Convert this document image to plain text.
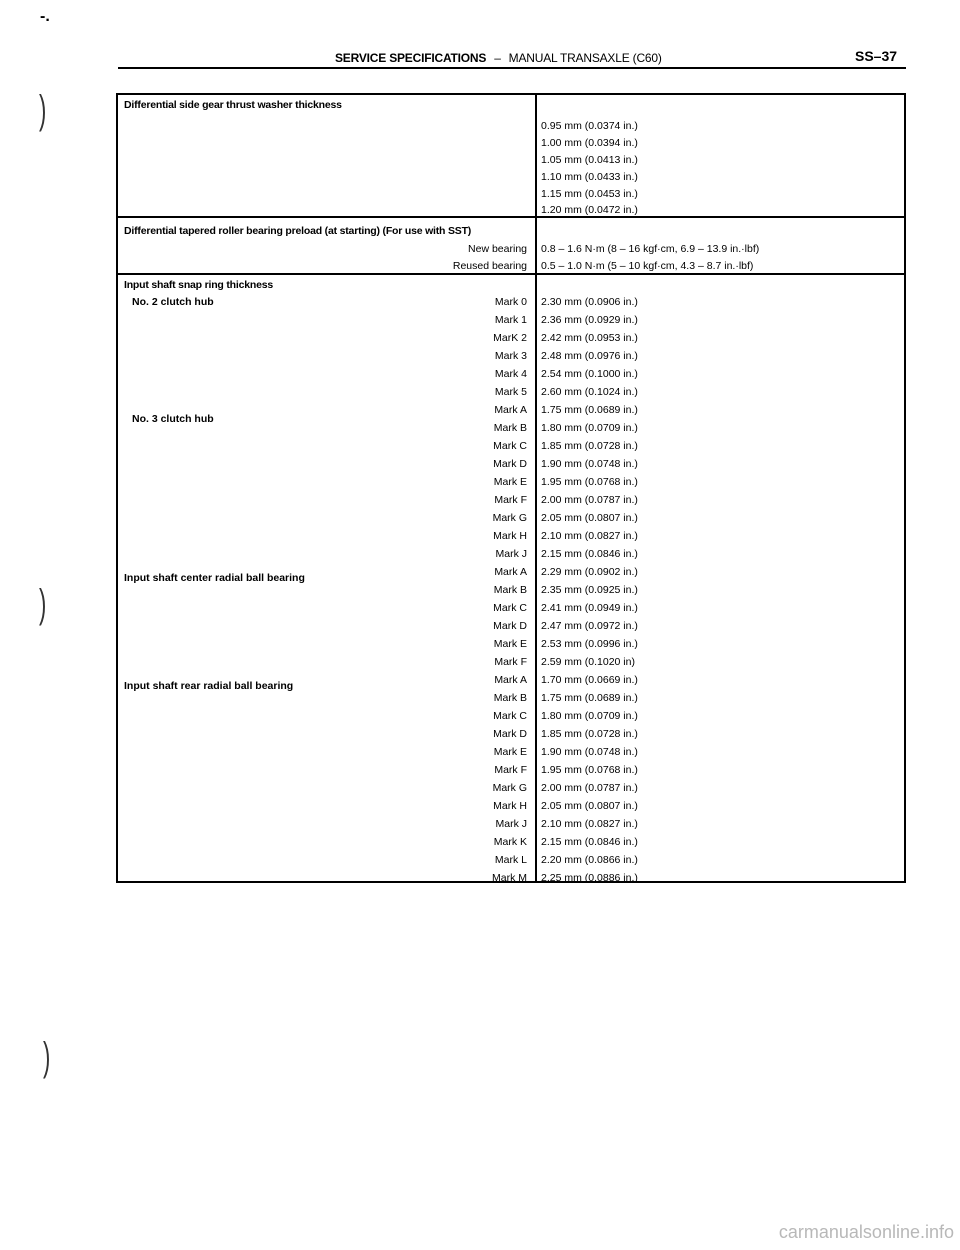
-.
SERVICE SPECIFICATIONS – MANUAL TRANSAXLE (C60)	SS–37
)
)
)
Differential side gear thrust washer thickness
0.95 mm (0.0374 in.)
1.00 mm (0.0394 in.)
1.05 mm (0.0413 in.)
1.10 mm (0.0433 in.)
1.15 mm (0.0453 in.)
1.20 mm (0.0472 in.)
Differential tapered roller bearing preload (at starting) (For use with SST)
New bearing 0.8 – 1.6 N·m (8 – 16 kgf·cm, 6.9 – 13.9 in.·lbf)
Reused bearing 0.5 – 1.0 N·m (5 – 10 kgf·cm, 4.3 – 8.7 in.·lbf)
Input shaft snap ring thickness
No. 2 clutch hub
No. 3 clutch hub
Input shaft center radial ball bearing
Input shaft rear radial ball bearing
Mark 0 2.30 mm (0.0906 in.)
Mark 1 2.36 mm (0.0929 in.)
MarK 2 2.42 mm (0.0953 in.)
Mark 3 2.48 mm (0.0976 in.)
Mark 4 2.54 mm (0.1000 in.)
Mark 5 2.60 mm (0.1024 in.)
Mark A 1.75 mm (0.0689 in.)
Mark B 1.80 mm (0.0709 in.)
Mark C 1.85 mm (0.0728 in.)
Mark D 1.90 mm (0.0748 in.)
Mark E 1.95 mm (0.0768 in.)
Mark F 2.00 mm (0.0787 in.)
Mark G 2.05 mm (0.0807 in.)
Mark H 2.10 mm (0.0827 in.)
Mark J 2.15 mm (0.0846 in.)
Mark A 2.29 mm (0.0902 in.)
Mark B 2.35 mm (0.0925 in.)
Mark C 2.41 mm (0.0949 in.)
Mark D 2.47 mm (0.0972 in.)
Mark E 2.53 mm (0.0996 in.)
Mark F 2.59 mm (0.1020 in)
Mark A 1.70 mm (0.0669 in.)
Mark B 1.75 mm (0.0689 in.)
Mark C 1.80 mm (0.0709 in.)
Mark D 1.85 mm (0.0728 in.)
Mark E 1.90 mm (0.0748 in.)
Mark F 1.95 mm (0.0768 in.)
Mark G 2.00 mm (0.0787 in.)
Mark H 2.05 mm (0.0807 in.)
Mark J 2.10 mm (0.0827 in.)
Mark K 2.15 mm (0.0846 in.)
Mark L 2.20 mm (0.0866 in.)
Mark M 2.25 mm (0.0886 in.)
carmanualsonline.info
